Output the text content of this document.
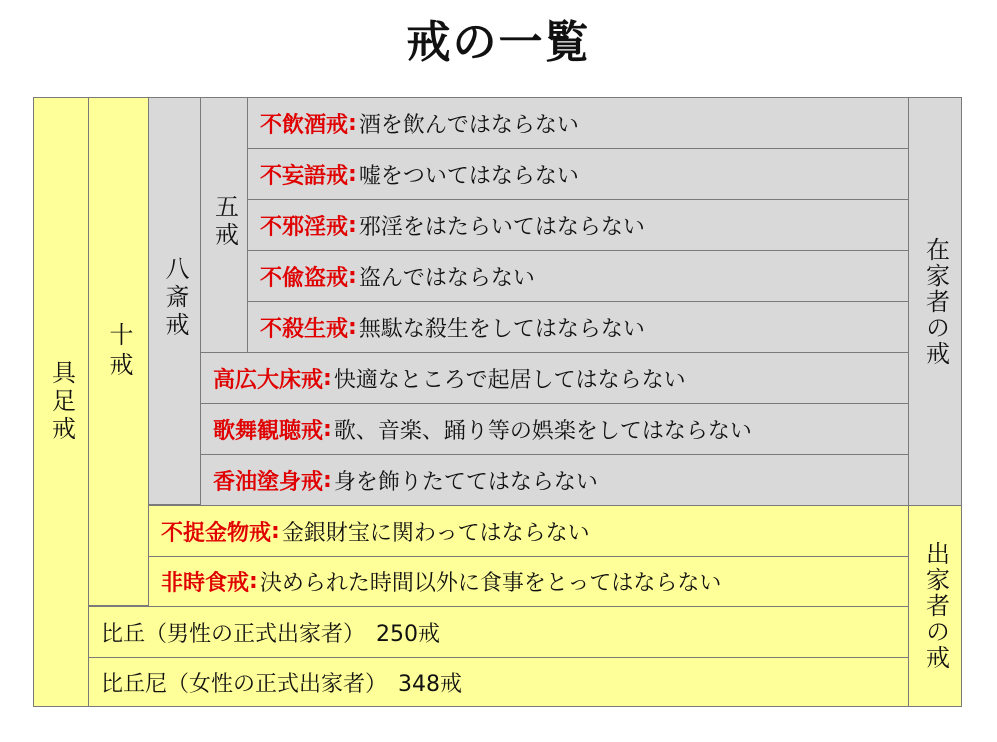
戒の一覧
具足戒
十戒
八斎戒
五戒
不飲酒戒 : 酒を飲んではならない
不妄語戒 : 嘘をついてはならない
不邪淫戒 : 邪淫をはたらいてはならない
不偸盗戒 : 盗んではならない
不殺生戒 : 無駄な殺生をしてはならない
高広大床戒 : 快適なところで起居してはならない
歌舞観聴戒 : 歌、音楽、踊り等の娯楽をしてはならない
香油塗身戒 : 身を飾りたててはならない
不捉金物戒 : 金銀財宝に関わってはならない
非時食戒 : 決められた時間以外に食事をとってはならない
比丘（男性の正式出家者）　250戒
比丘尼（女性の正式出家者）　348戒
在家者の戒
出家者の戒
